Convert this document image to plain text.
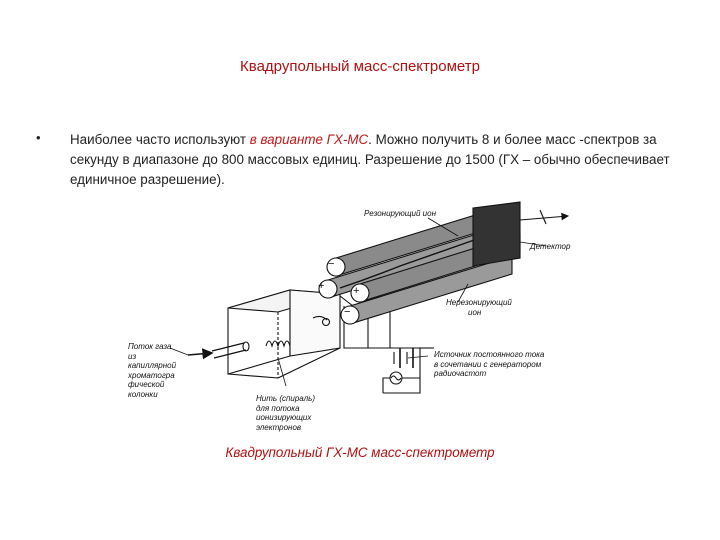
Квадрупольный масс-спектрометр
• Наиболее часто используют в варианте ГХ-МС. Можно получить 8 и более масс -спектров за секунду в диапазоне до 800 массовых единиц. Разрешение до 1500 (ГХ – обычно обеспечивает единичное разрешение).
−
+	+
−
Резонирующий ион
Детектор
Нерезонирующий
ион
Поток газа
из
капиллярной
хроматогра
фической
колонки	Нить (спираль)
для потока
ионизирующих
электронов
Источник постоянного тока
в сочетании с генератором
радиочастот
Квадрупольный ГХ-МС масс-спектрометр
